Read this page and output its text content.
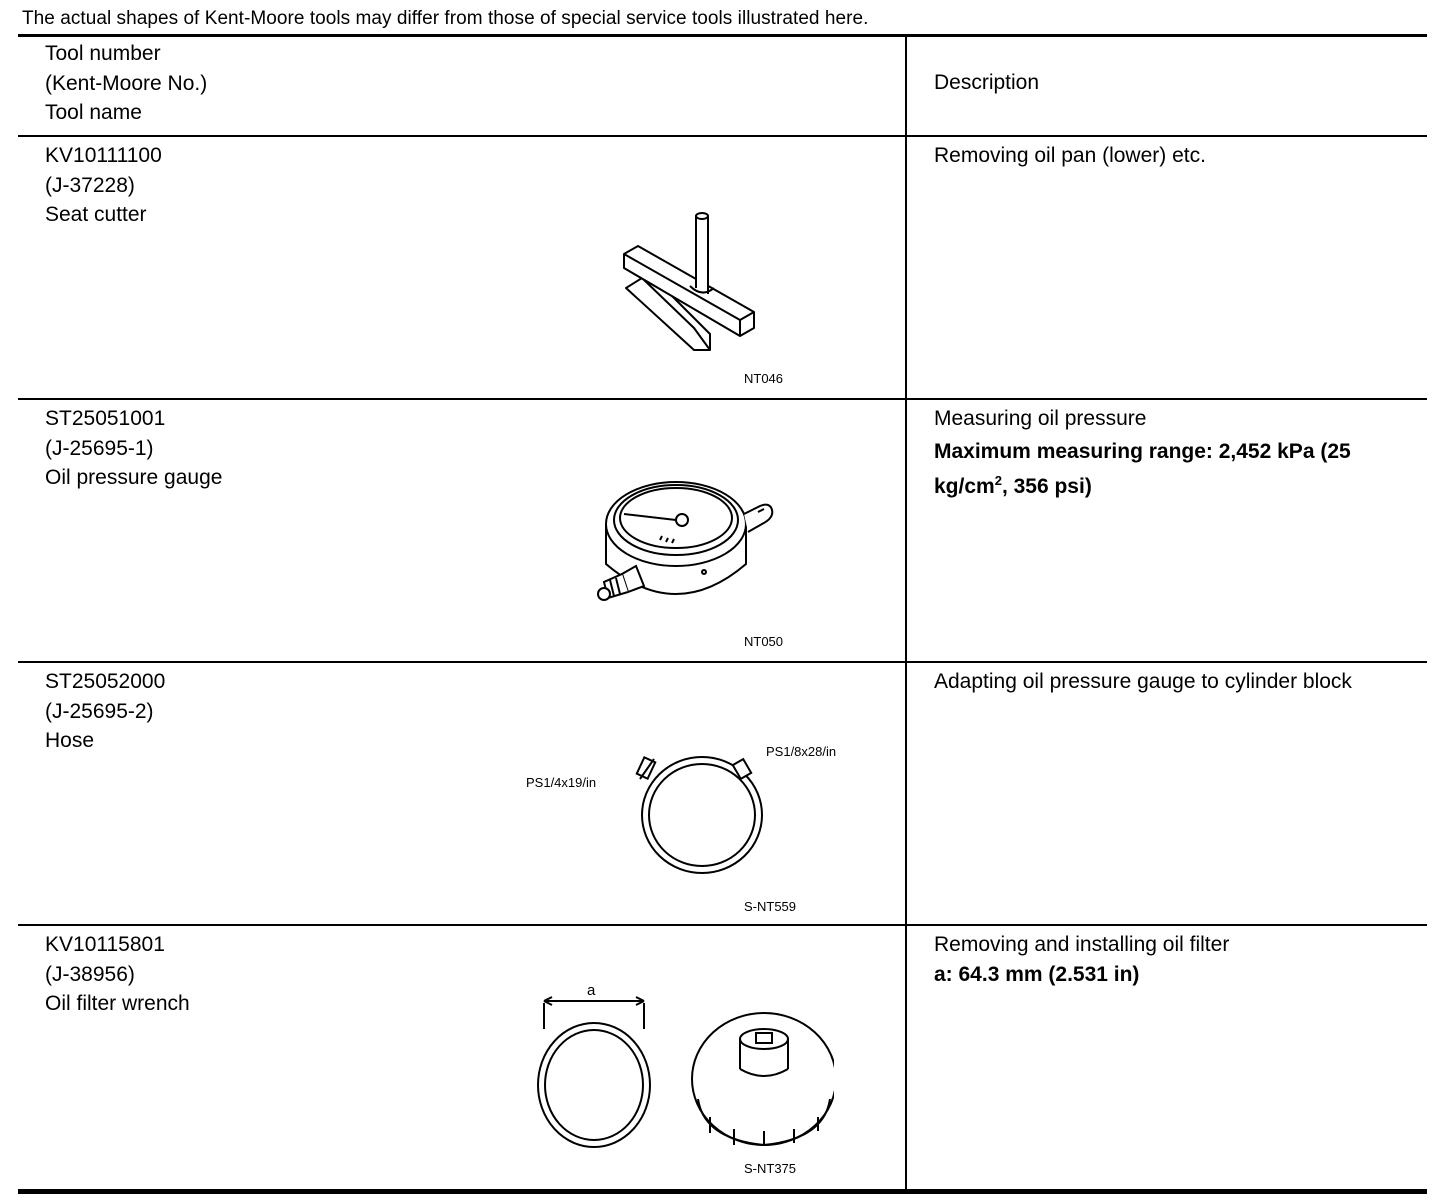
The actual shapes of Kent-Moore tools may differ from those of special service tools illustrated here.
Tool number
(Kent-Moore No.)
Tool name
Description
KV10111100
(J-37228)
Seat cutter
NT046
Removing oil pan (lower) etc.
ST25051001
(J-25695-1)
Oil pressure gauge
NT050
Measuring oil pressure
Maximum measuring range: 2,452 kPa (25 $kg/cm^2$, 356 psi)
ST25052000
(J-25695-2)
Hose
PS1/4x19/in
PS1/8x28/in
S-NT559
Adapting oil pressure gauge to cylinder block
KV10115801
(J-38956)
Oil filter wrench
a
S-NT375
Removing and installing oil filter
a: 64.3 mm (2.531 in)
